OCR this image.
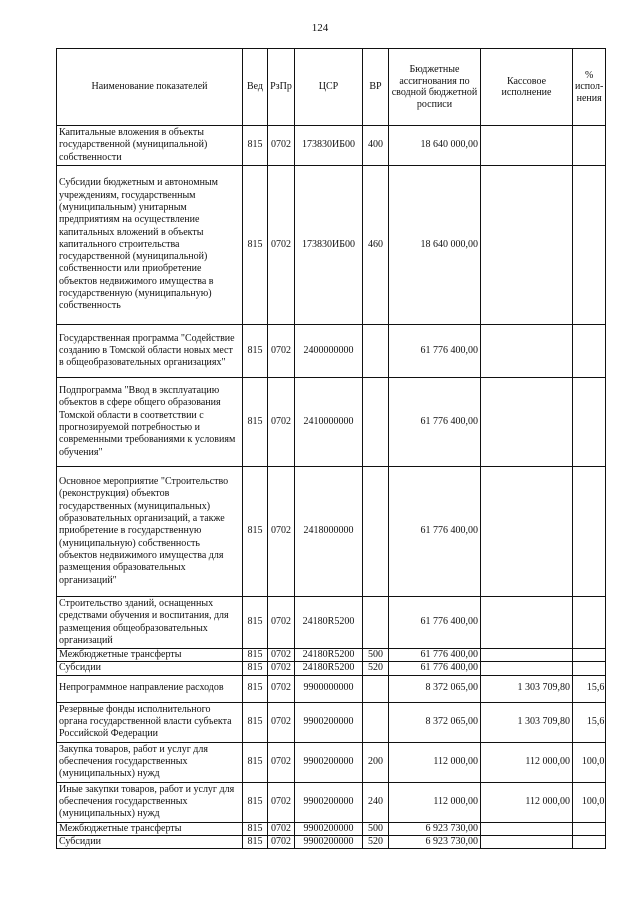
124
Наименование показателей	Вед	РзПр	ЦСР	ВР	Бюджетные ассигнования по сводной бюджетной росписи	Кассовое исполнение	% испол-нения
Капитальные вложения в объекты государственной (муниципальной) собственности	815	0702	173830ИБ00	400	18 640 000,00		
Субсидии бюджетным и автономным учреждениям, государственным (муниципальным) унитарным предприятиям на осуществление капитальных вложений в объекты капитального строительства государственной (муниципальной) собственности или приобретение объектов недвижимого имущества в государственную (муниципальную) собственность	815	0702	173830ИБ00	460	18 640 000,00		
Государственная программа "Содействие созданию в Томской области новых мест в общеобразовательных организациях"	815	0702	2400000000		61 776 400,00		
Подпрограмма "Ввод в эксплуатацию объектов в сфере общего образования Томской области в соответствии с прогнозируемой потребностью и современными требованиями к условиям обучения"	815	0702	2410000000		61 776 400,00		
Основное мероприятие "Строительство (реконструкция) объектов государственных (муниципальных) образовательных организаций, а также приобретение в государственную (муниципальную) собственность объектов недвижимого имущества для размещения образовательных организаций"	815	0702	2418000000		61 776 400,00		
Строительство зданий, оснащенных средствами обучения и воспитания, для размещения общеобразовательных организаций	815	0702	24180R5200		61 776 400,00		
Межбюджетные трансферты	815	0702	24180R5200	500	61 776 400,00		
Субсидии	815	0702	24180R5200	520	61 776 400,00		
Непрограммное направление расходов	815	0702	9900000000		8 372 065,00	1 303 709,80	15,6
Резервные фонды исполнительного органа государственной власти субъекта Российской Федерации	815	0702	9900200000		8 372 065,00	1 303 709,80	15,6
Закупка товаров, работ и услуг для обеспечения государственных (муниципальных) нужд	815	0702	9900200000	200	112 000,00	112 000,00	100,0
Иные закупки товаров, работ и услуг для обеспечения государственных (муниципальных) нужд	815	0702	9900200000	240	112 000,00	112 000,00	100,0
Межбюджетные трансферты	815	0702	9900200000	500	6 923 730,00		
Субсидии	815	0702	9900200000	520	6 923 730,00		
